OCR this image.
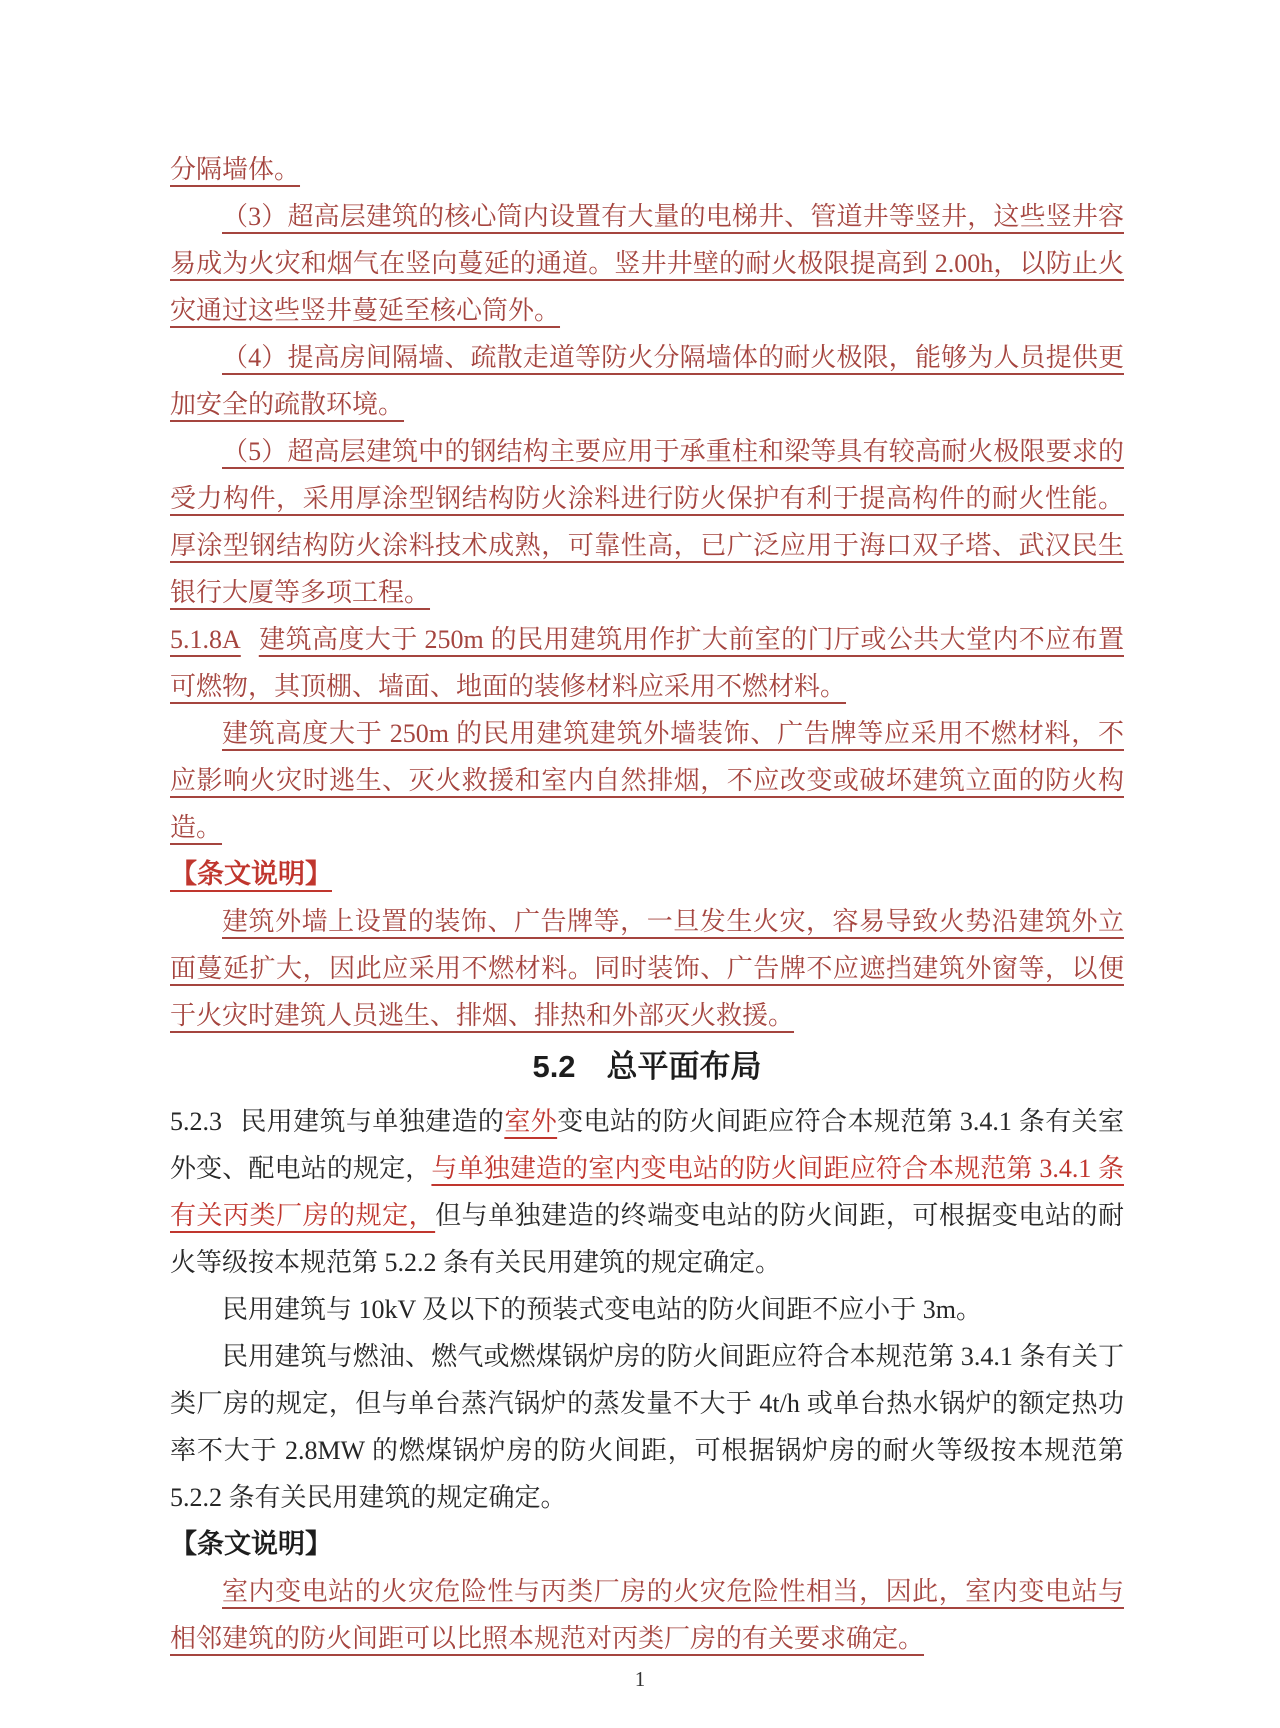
分隔墙体。

（3）超高层建筑的核心筒内设置有大量的电梯井、管道井等竖井，这些竖井容易成为火灾和烟气在竖向蔓延的通道。竖井井壁的耐火极限提高到 2.00h，以防止火灾通过这些竖井蔓延至核心筒外。

（4）提高房间隔墙、疏散走道等防火分隔墙体的耐火极限，能够为人员提供更加安全的疏散环境。

（5）超高层建筑中的钢结构主要应用于承重柱和梁等具有较高耐火极限要求的受力构件，采用厚涂型钢结构防火涂料进行防火保护有利于提高构件的耐火性能。厚涂型钢结构防火涂料技术成熟，可靠性高，已广泛应用于海口双子塔、武汉民生银行大厦等多项工程。

5.1.8A 建筑高度大于 250m 的民用建筑用作扩大前室的门厅或公共大堂内不应布置可燃物，其顶棚、墙面、地面的装修材料应采用不燃材料。

建筑高度大于 250m 的民用建筑建筑外墙装饰、广告牌等应采用不燃材料，不应影响火灾时逃生、灭火救援和室内自然排烟，不应改变或破坏建筑立面的防火构造。

【条文说明】

建筑外墙上设置的装饰、广告牌等，一旦发生火灾，容易导致火势沿建筑外立面蔓延扩大，因此应采用不燃材料。同时装饰、广告牌不应遮挡建筑外窗等，以便于火灾时建筑人员逃生、排烟、排热和外部灭火救援。

5.2　总平面布局

5.2.3 民用建筑与单独建造的室外变电站的防火间距应符合本规范第 3.4.1 条有关室外变、配电站的规定，与单独建造的室内变电站的防火间距应符合本规范第 3.4.1 条有关丙类厂房的规定，但与单独建造的终端变电站的防火间距，可根据变电站的耐火等级按本规范第 5.2.2 条有关民用建筑的规定确定。

民用建筑与 10kV 及以下的预装式变电站的防火间距不应小于 3m。

民用建筑与燃油、燃气或燃煤锅炉房的防火间距应符合本规范第 3.4.1 条有关丁类厂房的规定，但与单台蒸汽锅炉的蒸发量不大于 4t/h 或单台热水锅炉的额定热功率不大于 2.8MW 的燃煤锅炉房的防火间距，可根据锅炉房的耐火等级按本规范第 5.2.2 条有关民用建筑的规定确定。

【条文说明】

室内变电站的火灾危险性与丙类厂房的火灾危险性相当，因此，室内变电站与相邻建筑的防火间距可以比照本规范对丙类厂房的有关要求确定。

1
